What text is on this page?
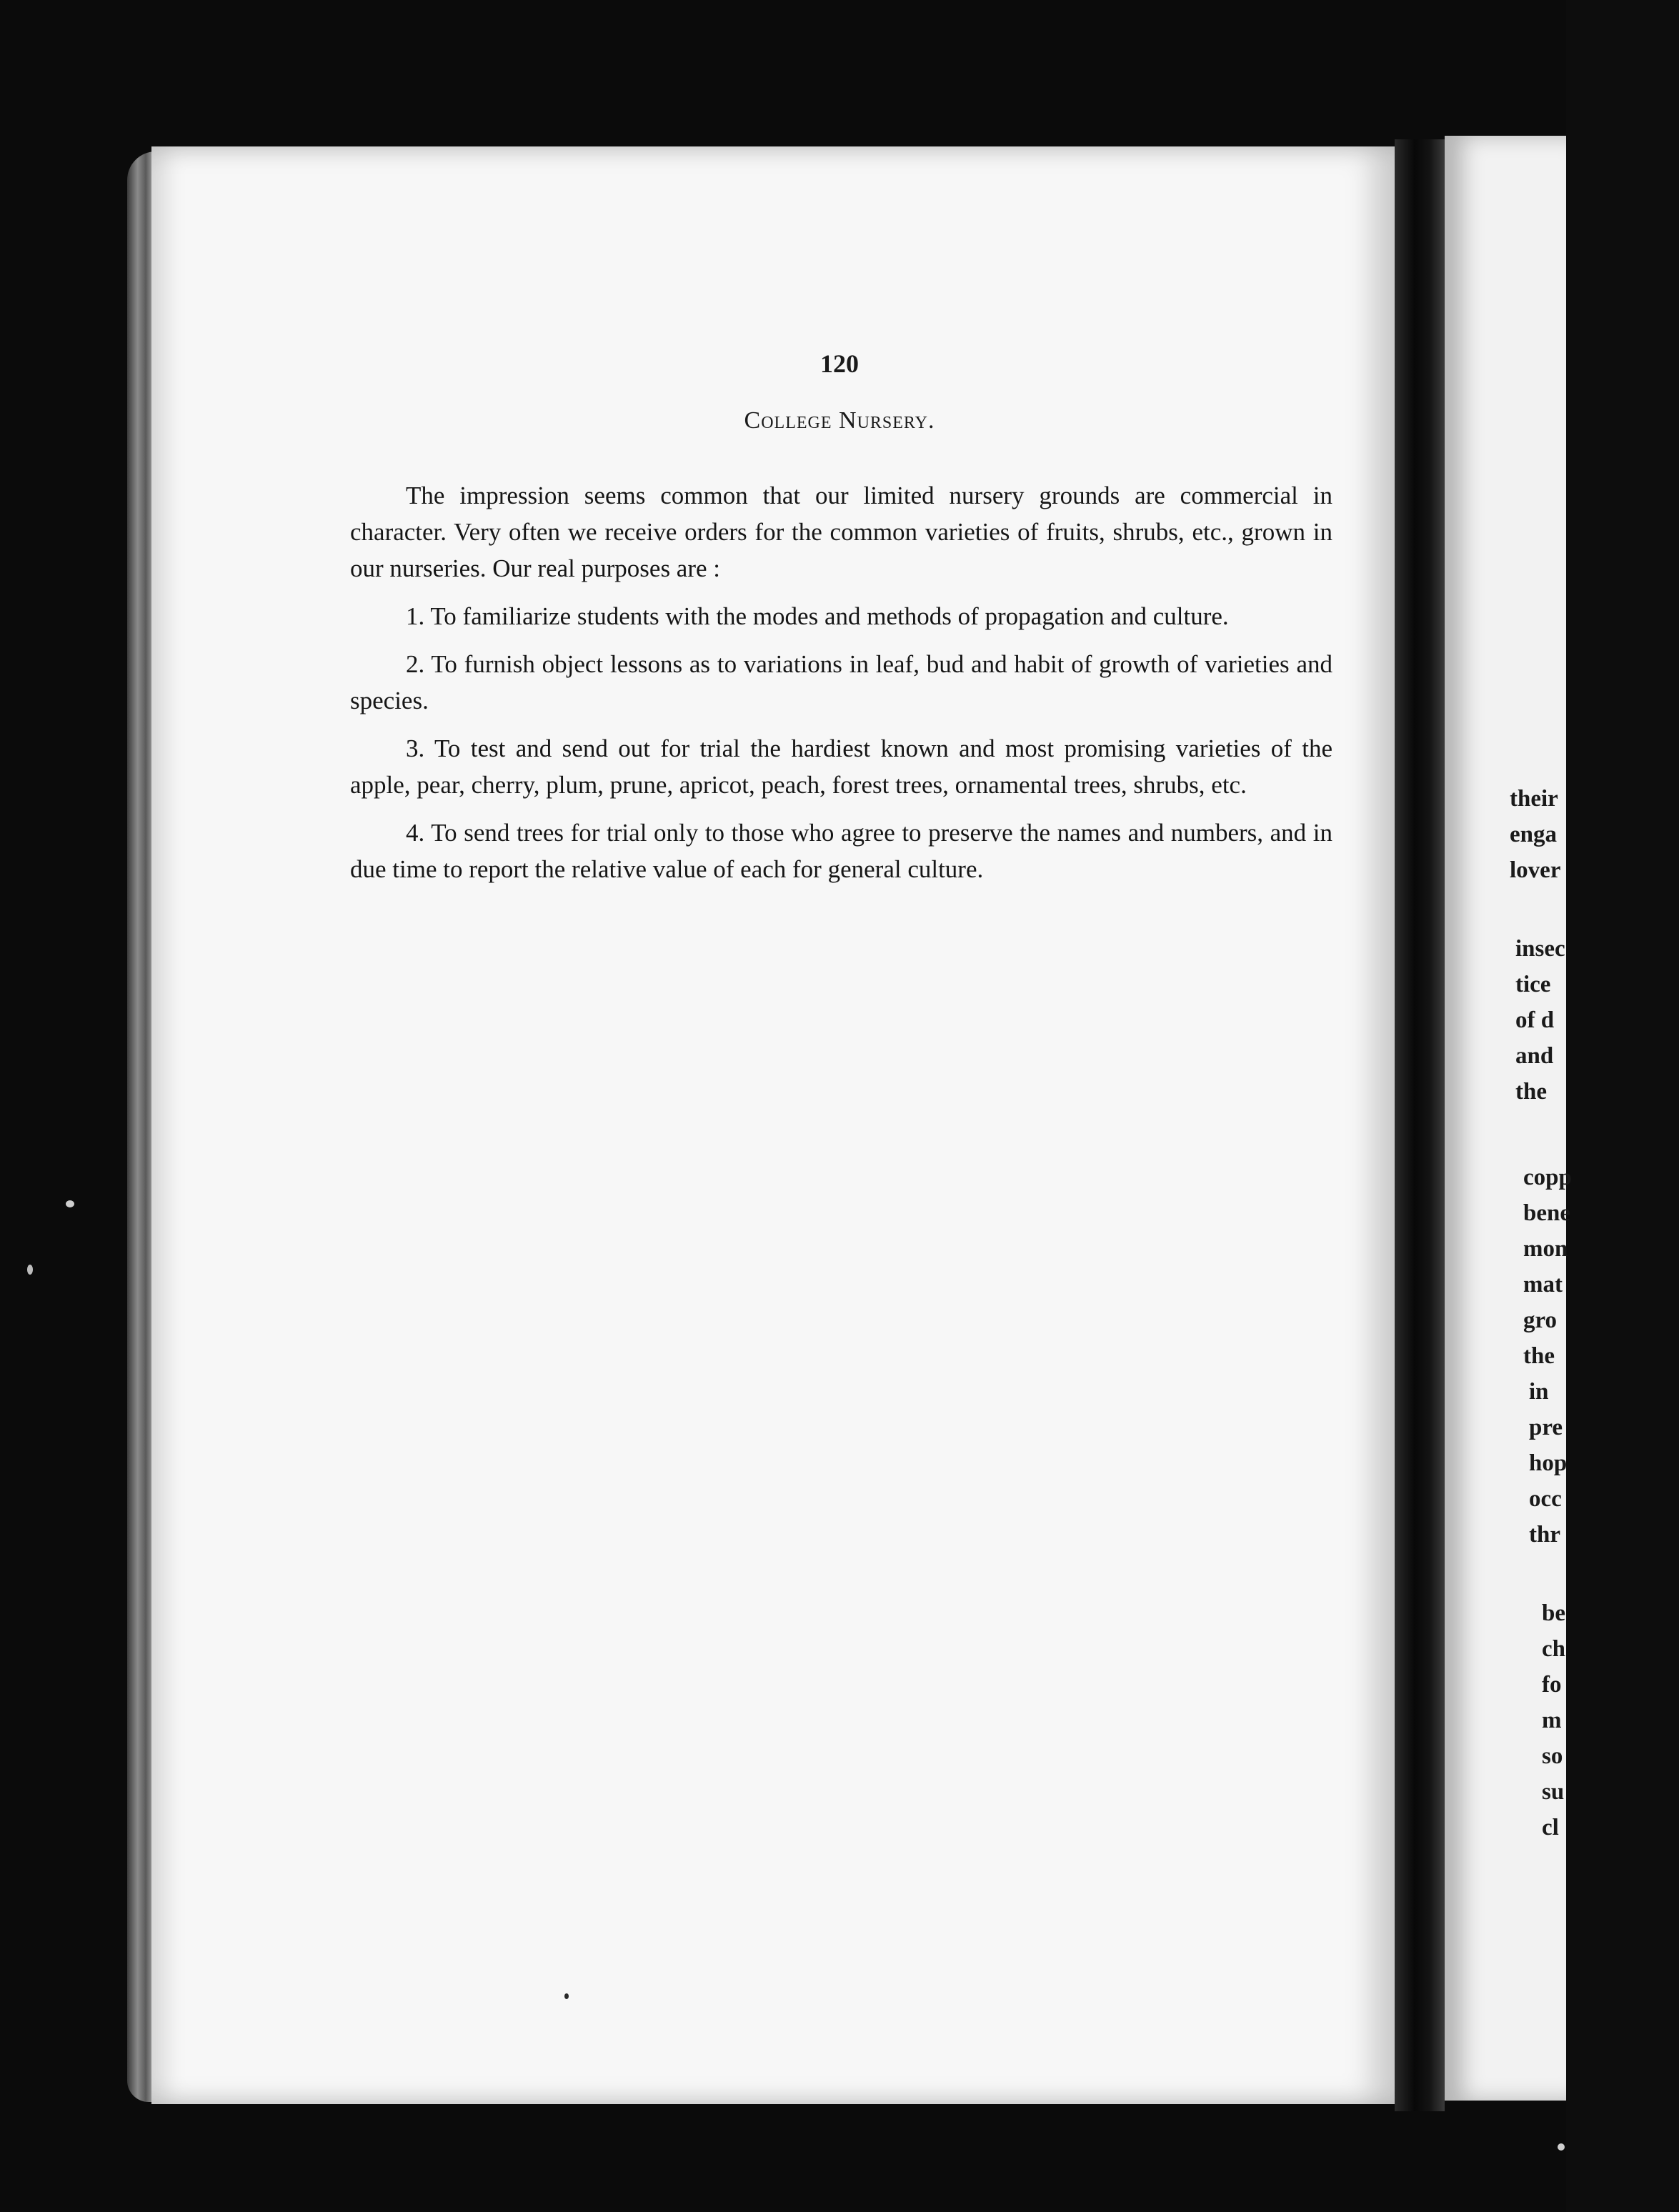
120
College Nursery.

The impression seems common that our limited nursery grounds are commercial in character. Very often we receive orders for the common varieties of fruits, shrubs, etc., grown in our nurseries. Our real purposes are :

1. To familiarize students with the modes and methods of propagation and culture.

2. To furnish object lessons as to variations in leaf, bud and habit of growth of varieties and species.

3. To test and send out for trial the hardiest known and most promising varieties of the apple, pear, cherry, plum, prune, apricot, peach, forest trees, ornamental trees, shrubs, etc.

4. To send trees for trial only to those who agree to preserve the names and numbers, and in due time to report the relative value of each for general culture.

their
enga
lover
insec
tice
of d
and
the
copp
bene
mon
mat
gro
the
in
pre
hop
occ
thr
be
ch
fo
m
so
su
cl
